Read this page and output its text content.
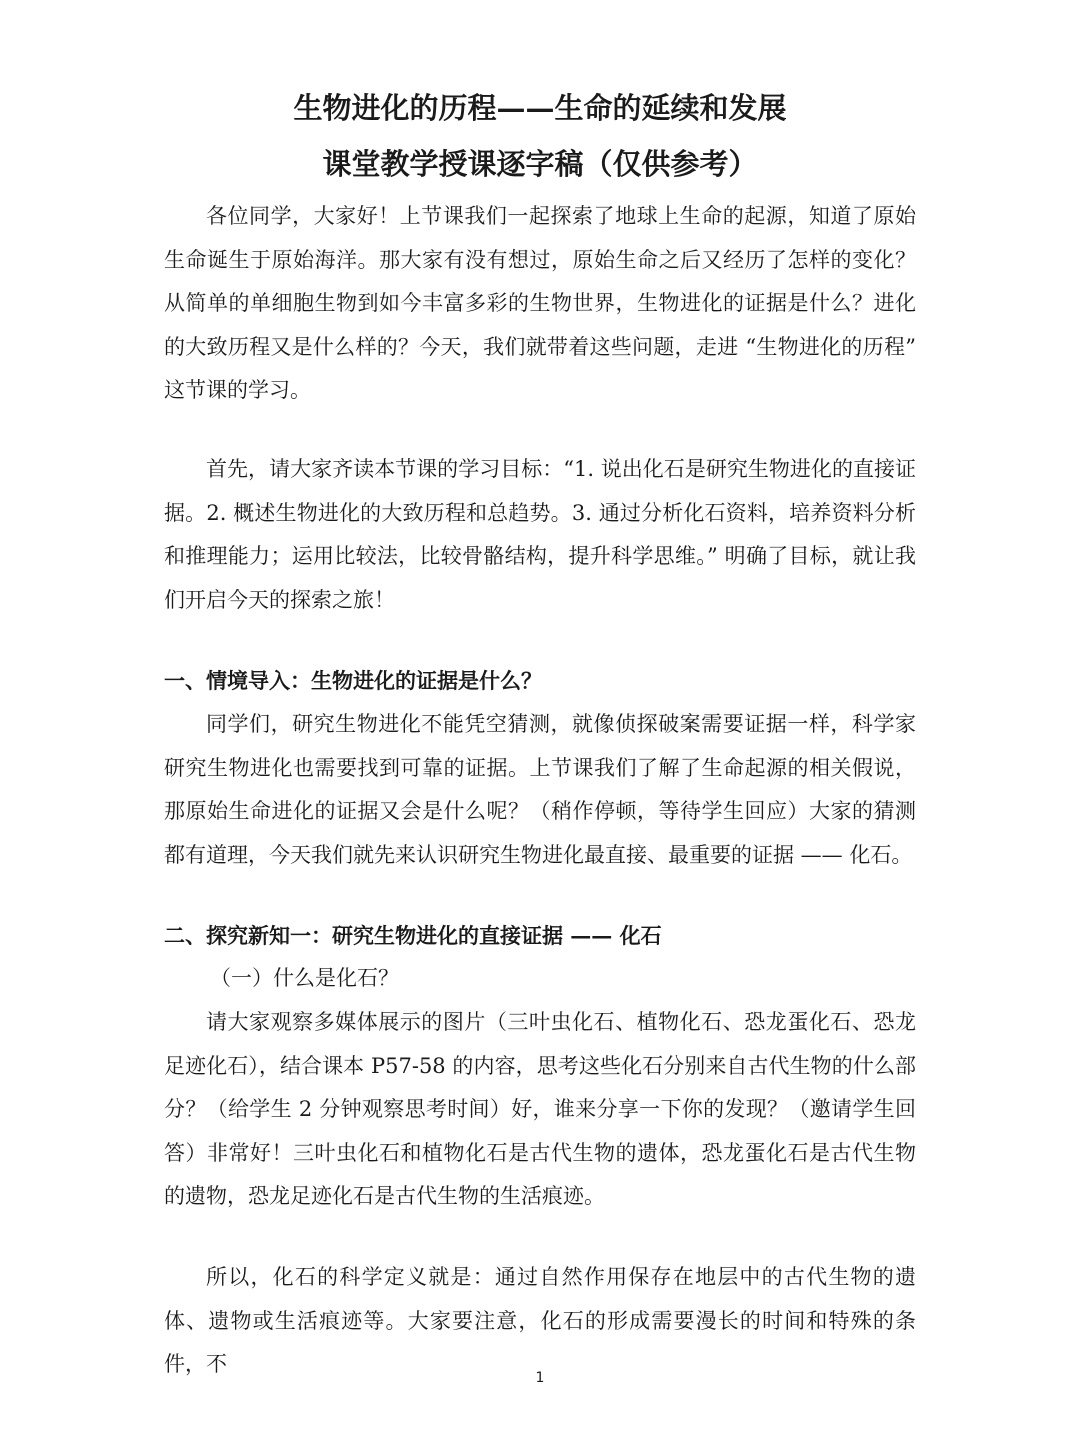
生物进化的历程——生命的延续和发展
课堂教学授课逐字稿（仅供参考）

各位同学，大家好！上节课我们一起探索了地球上生命的起源，知道了原始生命诞生于原始海洋。那大家有没有想过，原始生命之后又经历了怎样的变化？从简单的单细胞生物到如今丰富多彩的生物世界，生物进化的证据是什么？进化的大致历程又是什么样的？今天，我们就带着这些问题，走进 “生物进化的历程” 这节课的学习。

首先，请大家齐读本节课的学习目标：“1. 说出化石是研究生物进化的直接证据。2. 概述生物进化的大致历程和总趋势。3. 通过分析化石资料，培养资料分析和推理能力；运用比较法，比较骨骼结构，提升科学思维。” 明确了目标，就让我们开启今天的探索之旅！

一、情境导入：生物进化的证据是什么？

同学们，研究生物进化不能凭空猜测，就像侦探破案需要证据一样，科学家研究生物进化也需要找到可靠的证据。上节课我们了解了生命起源的相关假说，那原始生命进化的证据又会是什么呢？（稍作停顿，等待学生回应）大家的猜测都有道理，今天我们就先来认识研究生物进化最直接、最重要的证据 —— 化石。

二、探究新知一：研究生物进化的直接证据 —— 化石

（一）什么是化石？

请大家观察多媒体展示的图片（三叶虫化石、植物化石、恐龙蛋化石、恐龙足迹化石），结合课本 P57-58 的内容，思考这些化石分别来自古代生物的什么部分？（给学生 2 分钟观察思考时间）好，谁来分享一下你的发现？（邀请学生回答）非常好！三叶虫化石和植物化石是古代生物的遗体，恐龙蛋化石是古代生物的遗物，恐龙足迹化石是古代生物的生活痕迹。

所以，化石的科学定义就是：通过自然作用保存在地层中的古代生物的遗体、遗物或生活痕迹等。大家要注意，化石的形成需要漫长的时间和特殊的条件，不

1
